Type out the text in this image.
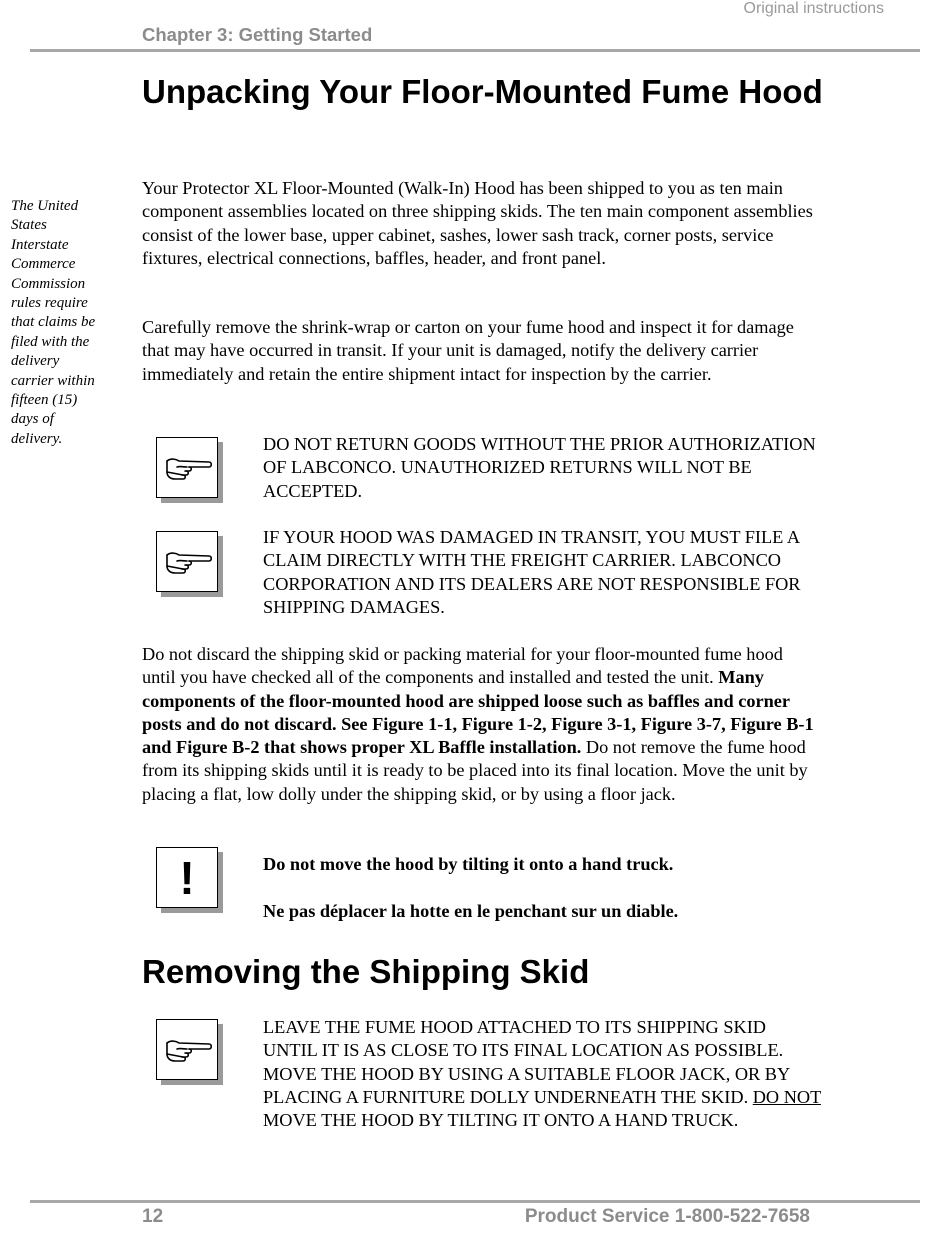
Original instructions
Chapter 3: Getting Started
Unpacking Your Floor-Mounted Fume Hood
The United States Interstate Commerce Commission rules require that claims be filed with the delivery carrier within fifteen (15) days of delivery.

Your Protector XL Floor-Mounted (Walk-In) Hood has been shipped to you as ten main component assemblies located on three shipping skids. The ten main component assemblies consist of the lower base, upper cabinet, sashes, lower sash track, corner posts, service fixtures, electrical connections, baffles, header, and front panel.

Carefully remove the shrink-wrap or carton on your fume hood and inspect it for damage that may have occurred in transit. If your unit is damaged, notify the delivery carrier immediately and retain the entire shipment intact for inspection by the carrier.

DO NOT RETURN GOODS WITHOUT THE PRIOR AUTHORIZATION OF LABCONCO. UNAUTHORIZED RETURNS WILL NOT BE ACCEPTED.

IF YOUR HOOD WAS DAMAGED IN TRANSIT, YOU MUST FILE A CLAIM DIRECTLY WITH THE FREIGHT CARRIER. LABCONCO CORPORATION AND ITS DEALERS ARE NOT RESPONSIBLE FOR SHIPPING DAMAGES.

Do not discard the shipping skid or packing material for your floor-mounted fume hood until you have checked all of the components and installed and tested the unit. Many components of the floor-mounted hood are shipped loose such as baffles and corner posts and do not discard. See Figure 1-1, Figure 1-2, Figure 3-1, Figure 3-7, Figure B-1 and Figure B-2 that shows proper XL Baffle installation. Do not remove the fume hood from its shipping skids until it is ready to be placed into its final location. Move the unit by placing a flat, low dolly under the shipping skid, or by using a floor jack.

!	Do not move the hood by tilting it onto a hand truck.

Ne pas déplacer la hotte en le penchant sur un diable.

Removing the Shipping Skid

LEAVE THE FUME HOOD ATTACHED TO ITS SHIPPING SKID UNTIL IT IS AS CLOSE TO ITS FINAL LOCATION AS POSSIBLE. MOVE THE HOOD BY USING A SUITABLE FLOOR JACK, OR BY PLACING A FURNITURE DOLLY UNDERNEATH THE SKID. DO NOT MOVE THE HOOD BY TILTING IT ONTO A HAND TRUCK.

12	Product Service 1-800-522-7658
